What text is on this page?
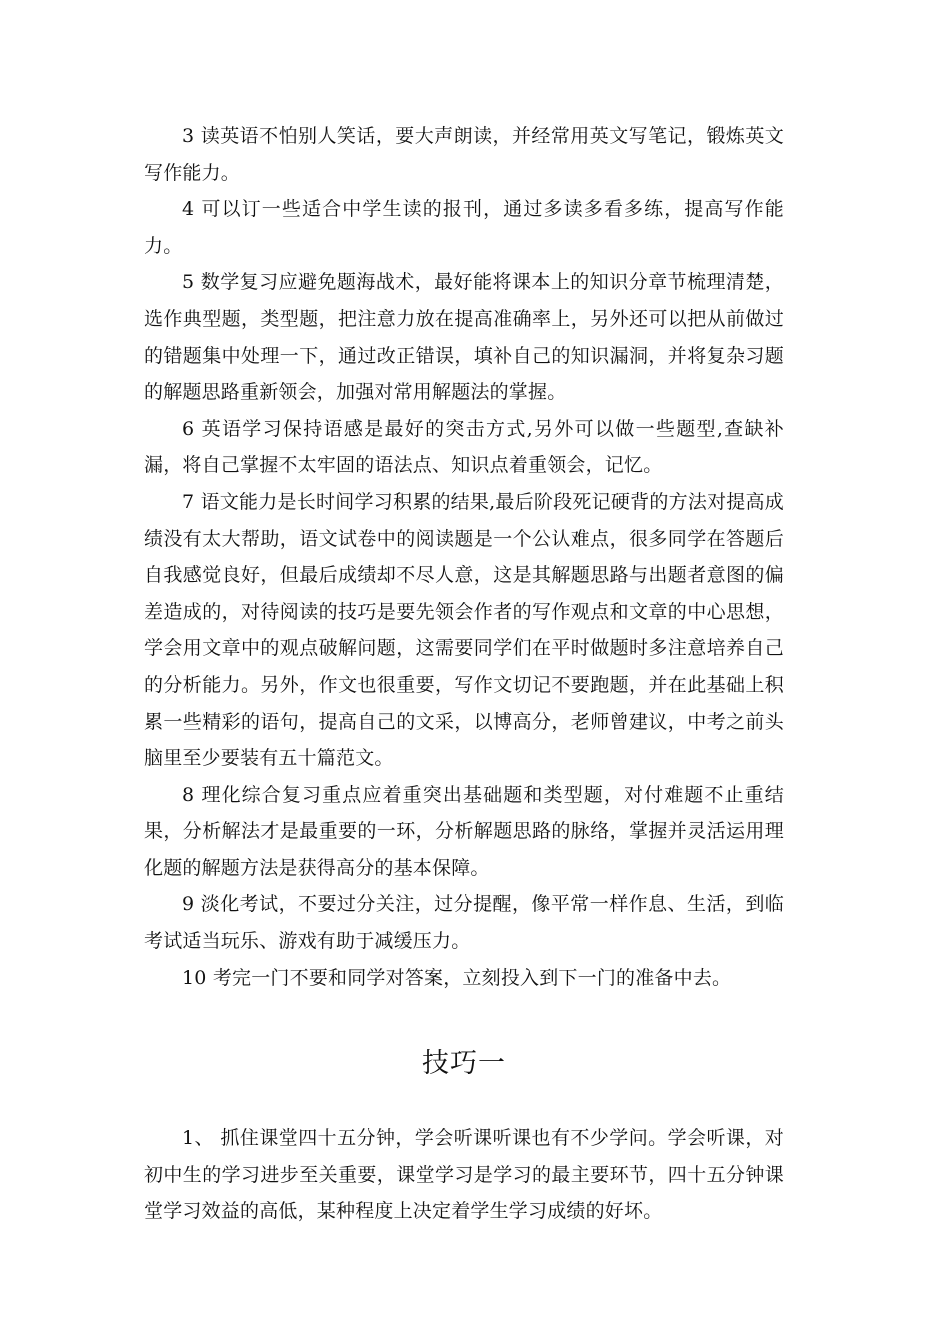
3 读英语不怕别人笑话，要大声朗读，并经常用英文写笔记，锻炼英文写作能力。

4 可以订一些适合中学生读的报刊，通过多读多看多练，提高写作能力。

5 数学复习应避免题海战术，最好能将课本上的知识分章节梳理清楚，选作典型题，类型题，把注意力放在提高准确率上，另外还可以把从前做过的错题集中处理一下，通过改正错误，填补自己的知识漏洞，并将复杂习题的解题思路重新领会，加强对常用解题法的掌握。

6 英语学习保持语感是最好的突击方式,另外可以做一些题型,查缺补漏，将自己掌握不太牢固的语法点、知识点着重领会，记忆。

7 语文能力是长时间学习积累的结果,最后阶段死记硬背的方法对提高成绩没有太大帮助，语文试卷中的阅读题是一个公认难点，很多同学在答题后自我感觉良好，但最后成绩却不尽人意，这是其解题思路与出题者意图的偏差造成的，对待阅读的技巧是要先领会作者的写作观点和文章的中心思想，学会用文章中的观点破解问题，这需要同学们在平时做题时多注意培养自己的分析能力。另外，作文也很重要，写作文切记不要跑题，并在此基础上积累一些精彩的语句，提高自己的文采，以博高分，老师曾建议，中考之前头脑里至少要装有五十篇范文。

8 理化综合复习重点应着重突出基础题和类型题，对付难题不止重结果，分析解法才是最重要的一环，分析解题思路的脉络，掌握并灵活运用理化题的解题方法是获得高分的基本保障。

9 淡化考试，不要过分关注，过分提醒，像平常一样作息、生活，到临考试适当玩乐、游戏有助于减缓压力。

10 考完一门不要和同学对答案，立刻投入到下一门的准备中去。

技巧一

1、 抓住课堂四十五分钟，学会听课听课也有不少学问。学会听课，对初中生的学习进步至关重要，课堂学习是学习的最主要环节，四十五分钟课堂学习效益的高低，某种程度上决定着学生学习成绩的好坏。
